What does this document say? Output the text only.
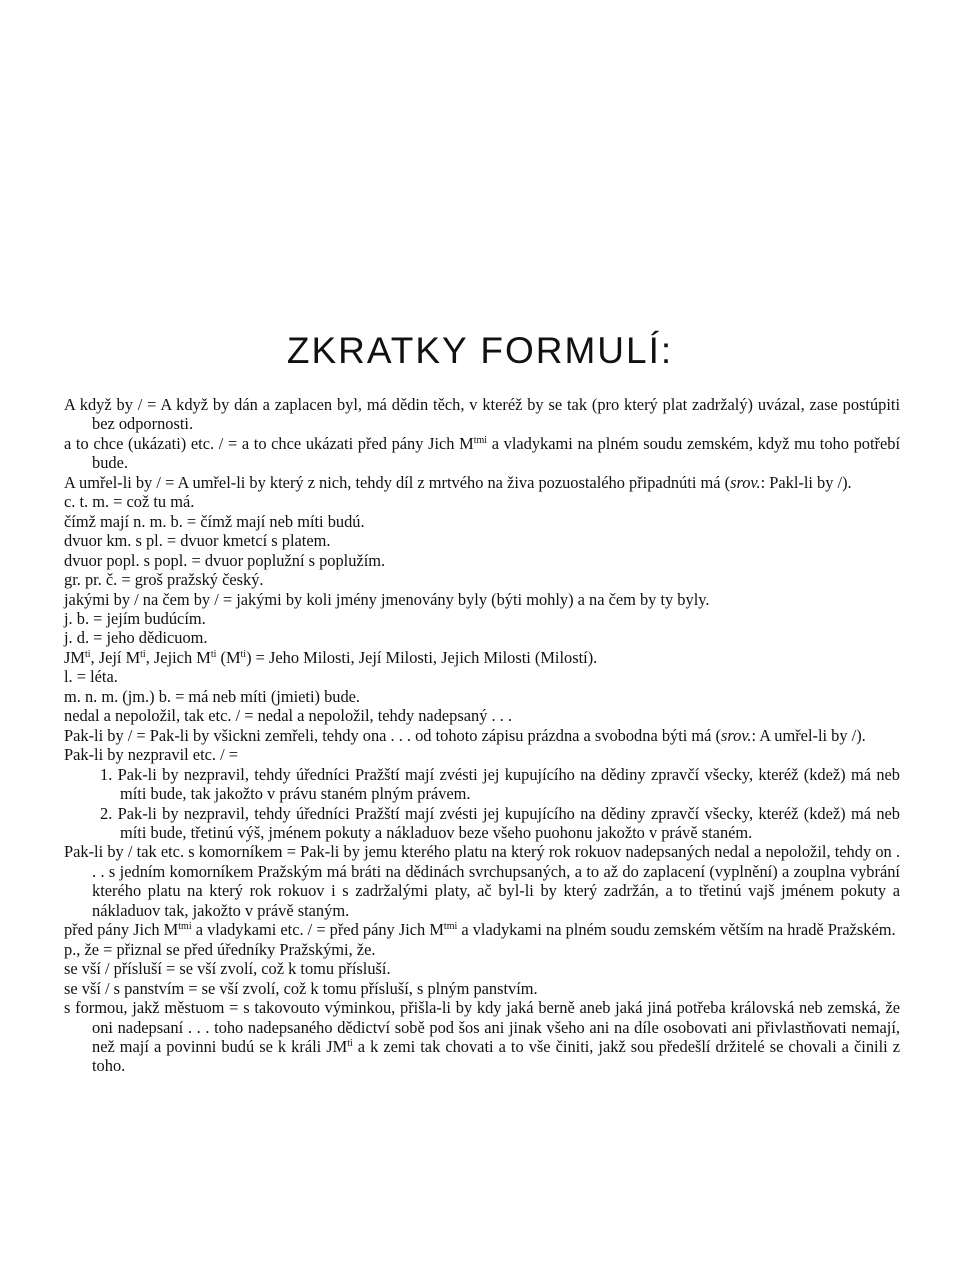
ZKRATKY FORMULÍ:
A když by / = A když by dán a zaplacen byl, má dědin těch, v kteréž by se tak (pro který plat zadržalý) uvázal, zase postúpiti bez odpornosti.
a to chce (ukázati) etc. / = a to chce ukázati před pány Jich $M^{tmi}$ a vladykami na plném soudu zemském, když mu toho potřebí bude.
A umřel-li by / = A umřel-li by který z nich, tehdy díl z mrtvého na živa pozuostalého připadnúti má (srov.: Pakl-li by /).
c. t. m. = což tu má.
čímž mají n. m. b. = čímž mají neb míti budú.
dvuor km. s pl. = dvuor kmetcí s platem.
dvuor popl. s popl. = dvuor poplužní s poplužím.
gr. pr. č. = groš pražský český.
jakými by / na čem by / = jakými by koli jmény jmenovány byly (býti mohly) a na čem by ty byly.
j. b. = jejím budúcím.
j. d. = jeho dědicuom.
$JM^{ti}$, Její $M^{ti}$, Jejich $M^{ti}$ $(M^{ti})$ = Jeho Milosti, Její Milosti, Jejich Milosti (Milostí).
l. = léta.
m. n. m. (jm.) b. = má neb míti (jmieti) bude.
nedal a nepoložil, tak etc. / = nedal a nepoložil, tehdy nadepsaný . . .
Pak-li by / = Pak-li by všickni zemřeli, tehdy ona . . . od tohoto zápisu prázdna a svobodna býti má (srov.: A umřel-li by /).
Pak-li by nezpravil etc. / =
1. Pak-li by nezpravil, tehdy úředníci Pražští mají zvésti jej kupujícího na dědiny zpravčí všecky, kteréž (kdež) má neb míti bude, tak jakožto v právu staném plným právem.
2. Pak-li by nezpravil, tehdy úředníci Pražští mají zvésti jej kupujícího na dědiny zpravčí všecky, kteréž (kdež) má neb míti bude, třetinú výš, jménem pokuty a nákladuov beze všeho puohonu jakožto v právě staném.
Pak-li by / tak etc. s komorníkem = Pak-li by jemu kterého platu na který rok rokuov nadepsaných nedal a nepoložil, tehdy on . . . s jedním komorníkem Pražským má bráti na dědinách svrchupsaných, a to až do zaplacení (vyplnění) a zouplna vybrání kterého platu na který rok rokuov i s zadržalými platy, ač byl-li by který zadržán, a to třetinú vajš jménem pokuty a nákladuov tak, jakožto v právě staným.
před pány Jich $M^{tmi}$ a vladykami etc. / = před pány Jich $M^{tmi}$ a vladykami na plném soudu zemském větším na hradě Pražském.
p., že = přiznal se před úředníky Pražskými, že.
se vší / přísluší = se vší zvolí, což k tomu přísluší.
se vší / s panstvím = se vší zvolí, což k tomu přísluší, s plným panstvím.
s formou, jakž městuom = s takovouto výminkou, přišla-li by kdy jaká berně aneb jaká jiná potřeba královská neb zemská, že oni nadepsaní . . . toho nadepsaného dědictví sobě pod šos ani jinak všeho ani na díle osobovati ani přivlastňovati nemají, než mají a povinni budú se k králi $JM^{ti}$ a k zemi tak chovati a to vše činiti, jakž sou předešlí držitelé se chovali a činili z toho.
